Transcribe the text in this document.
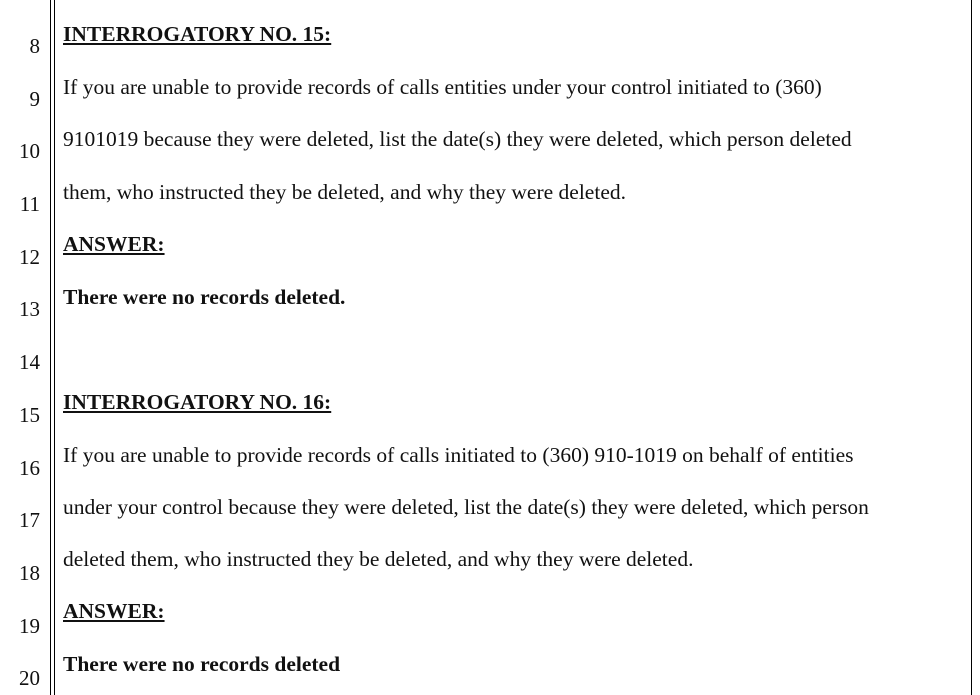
8
9
10
11
12
13
14
15
16
17
18
19
20
INTERROGATORY NO. 15:
If you are unable to provide records of calls entities under your control initiated to (360)
9101019 because they were deleted, list the date(s) they were deleted, which person deleted
them, who instructed they be deleted, and why they were deleted.
ANSWER:
There were no records deleted.
INTERROGATORY NO. 16:
If you are unable to provide records of calls initiated to (360) 910-1019 on behalf of entities
under your control because they were deleted, list the date(s) they were deleted, which person
deleted them, who instructed they be deleted, and why they were deleted.
ANSWER:
There were no records deleted
